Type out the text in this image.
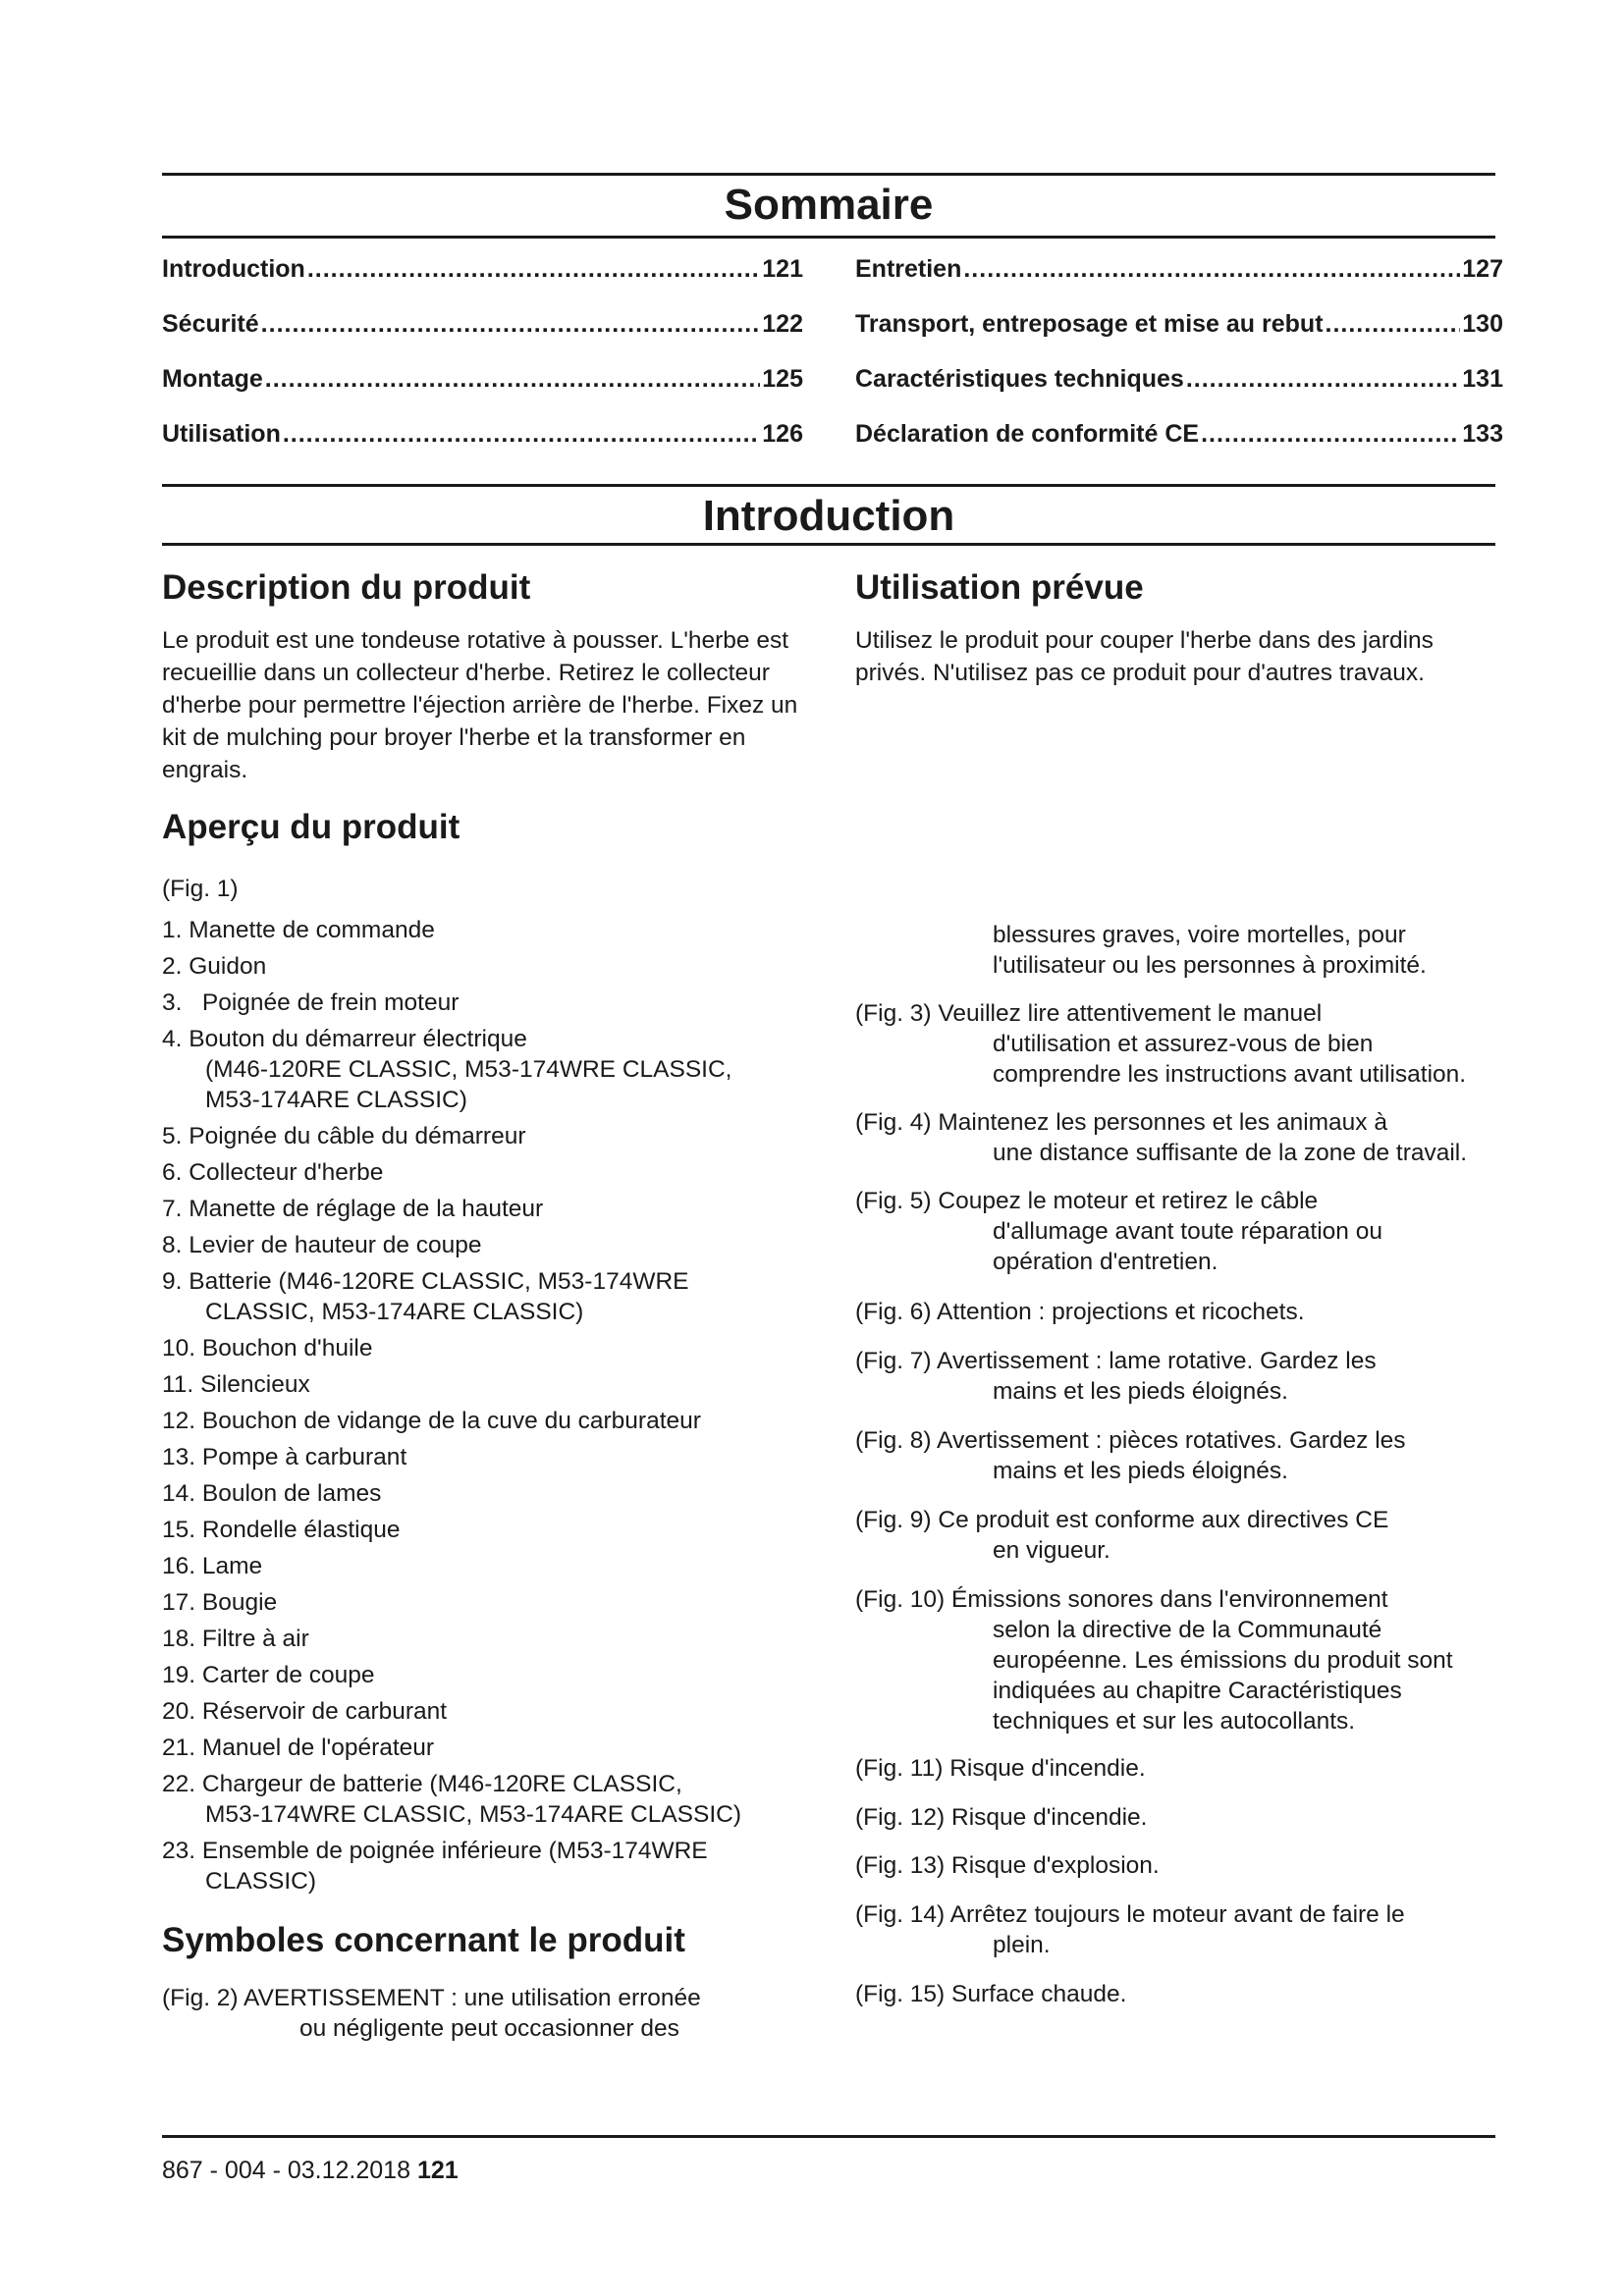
Sommaire
Introduction .....	121
Sécurité .....	122
Montage .....	125
Utilisation .....	126
Entretien .....	127
Transport, entreposage et mise au rebut .....	130
Caractéristiques techniques .....	131
Déclaration de conformité CE .....	133
Introduction
Description du produit

Le produit est une tondeuse rotative à pousser. L'herbe est recueillie dans un collecteur d'herbe. Retirez le collecteur d'herbe pour permettre l'éjection arrière de l'herbe. Fixez un kit de mulching pour broyer l'herbe et la transformer en engrais.

Utilisation prévue

Utilisez le produit pour couper l'herbe dans des jardins privés. N'utilisez pas ce produit pour d'autres travaux.

Aperçu du produit

(Fig. 1)

1. Manette de commande
2. Guidon
3.   Poignée de frein moteur
4. Bouton du démarreur électrique
(M46-120RE CLASSIC, M53-174WRE CLASSIC, M53-174ARE CLASSIC)
5. Poignée du câble du démarreur
6. Collecteur d'herbe
7. Manette de réglage de la hauteur
8. Levier de hauteur de coupe
9. Batterie (M46-120RE CLASSIC, M53-174WRE
CLASSIC, M53-174ARE CLASSIC)
10. Bouchon d'huile
11. Silencieux
12. Bouchon de vidange de la cuve du carburateur
13. Pompe à carburant
14. Boulon de lames
15. Rondelle élastique
16. Lame
17. Bougie
18. Filtre à air
19. Carter de coupe
20. Réservoir de carburant
21. Manuel de l'opérateur
22. Chargeur de batterie (M46-120RE CLASSIC,
M53-174WRE CLASSIC, M53-174ARE CLASSIC)
23. Ensemble de poignée inférieure (M53-174WRE
CLASSIC)
Symboles concernant le produit

(Fig. 2) AVERTISSEMENT : une utilisation erronée
ou négligente peut occasionner des

blessures graves, voire mortelles, pour l'utilisateur ou les personnes à proximité.

(Fig. 3) Veuillez lire attentivement le manuel
d'utilisation et assurez-vous de bien comprendre les instructions avant utilisation.

(Fig. 4) Maintenez les personnes et les animaux à
une distance suffisante de la zone de travail.

(Fig. 5) Coupez le moteur et retirez le câble
d'allumage avant toute réparation ou opération d'entretien.

(Fig. 6) Attention : projections et ricochets.

(Fig. 7) Avertissement : lame rotative. Gardez les
mains et les pieds éloignés.

(Fig. 8) Avertissement : pièces rotatives. Gardez les
mains et les pieds éloignés.

(Fig. 9) Ce produit est conforme aux directives CE
en vigueur.

(Fig. 10) Émissions sonores dans l'environnement
selon la directive de la Communauté européenne. Les émissions du produit sont indiquées au chapitre Caractéristiques techniques et sur les autocollants.

(Fig. 11) Risque d'incendie.

(Fig. 12) Risque d'incendie.

(Fig. 13) Risque d'explosion.

(Fig. 14) Arrêtez toujours le moteur avant de faire le
plein.

(Fig. 15) Surface chaude.

867 - 004 - 03.12.2018 121
